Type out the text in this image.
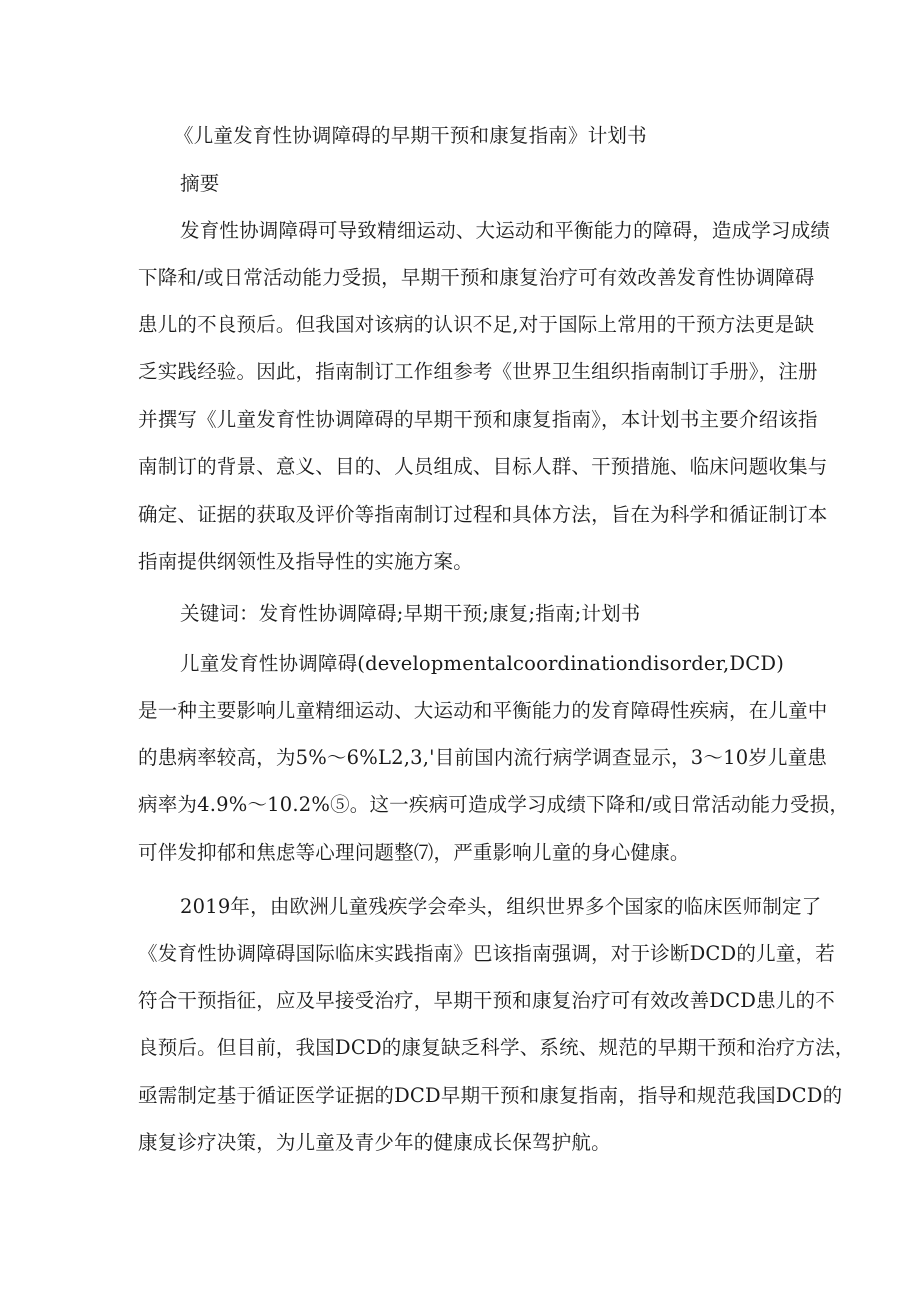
《儿童发育性协调障碍的早期干预和康复指南》计划书
摘要
发育性协调障碍可导致精细运动、大运动和平衡能力的障碍，造成学习成绩
下降和/或日常活动能力受损，早期干预和康复治疗可有效改善发育性协调障碍
患儿的不良预后。但我国对该病的认识不足,对于国际上常用的干预方法更是缺
乏实践经验。因此，指南制订工作组参考《世界卫生组织指南制订手册》，注册
并撰写《儿童发育性协调障碍的早期干预和康复指南》，本计划书主要介绍该指
南制订的背景、意义、目的、人员组成、目标人群、干预措施、临床问题收集与
确定、证据的获取及评价等指南制订过程和具体方法，旨在为科学和循证制订本
指南提供纲领性及指导性的实施方案。
关键词：发育性协调障碍;早期干预;康复;指南;计划书
儿童发育性协调障碍(developmentalcoordinationdisorder,DCD)
是一种主要影响儿童精细运动、大运动和平衡能力的发育障碍性疾病，在儿童中
的患病率较高，为5%～6%L2,3,'目前国内流行病学调查显示，3～10岁儿童患
病率为4.9%～10.2%⑤。这一疾病可造成学习成绩下降和/或日常活动能力受损，
可伴发抑郁和焦虑等心理问题整⑺，严重影响儿童的身心健康。
2019年，由欧洲儿童残疾学会牵头，组织世界多个国家的临床医师制定了
《发育性协调障碍国际临床实践指南》巴该指南强调，对于诊断DCD的儿童，若
符合干预指征，应及早接受治疗，早期干预和康复治疗可有效改善DCD患儿的不
良预后。但目前，我国DCD的康复缺乏科学、系统、规范的早期干预和治疗方法，
亟需制定基于循证医学证据的DCD早期干预和康复指南，指导和规范我国DCD的
康复诊疗决策，为儿童及青少年的健康成长保驾护航。
